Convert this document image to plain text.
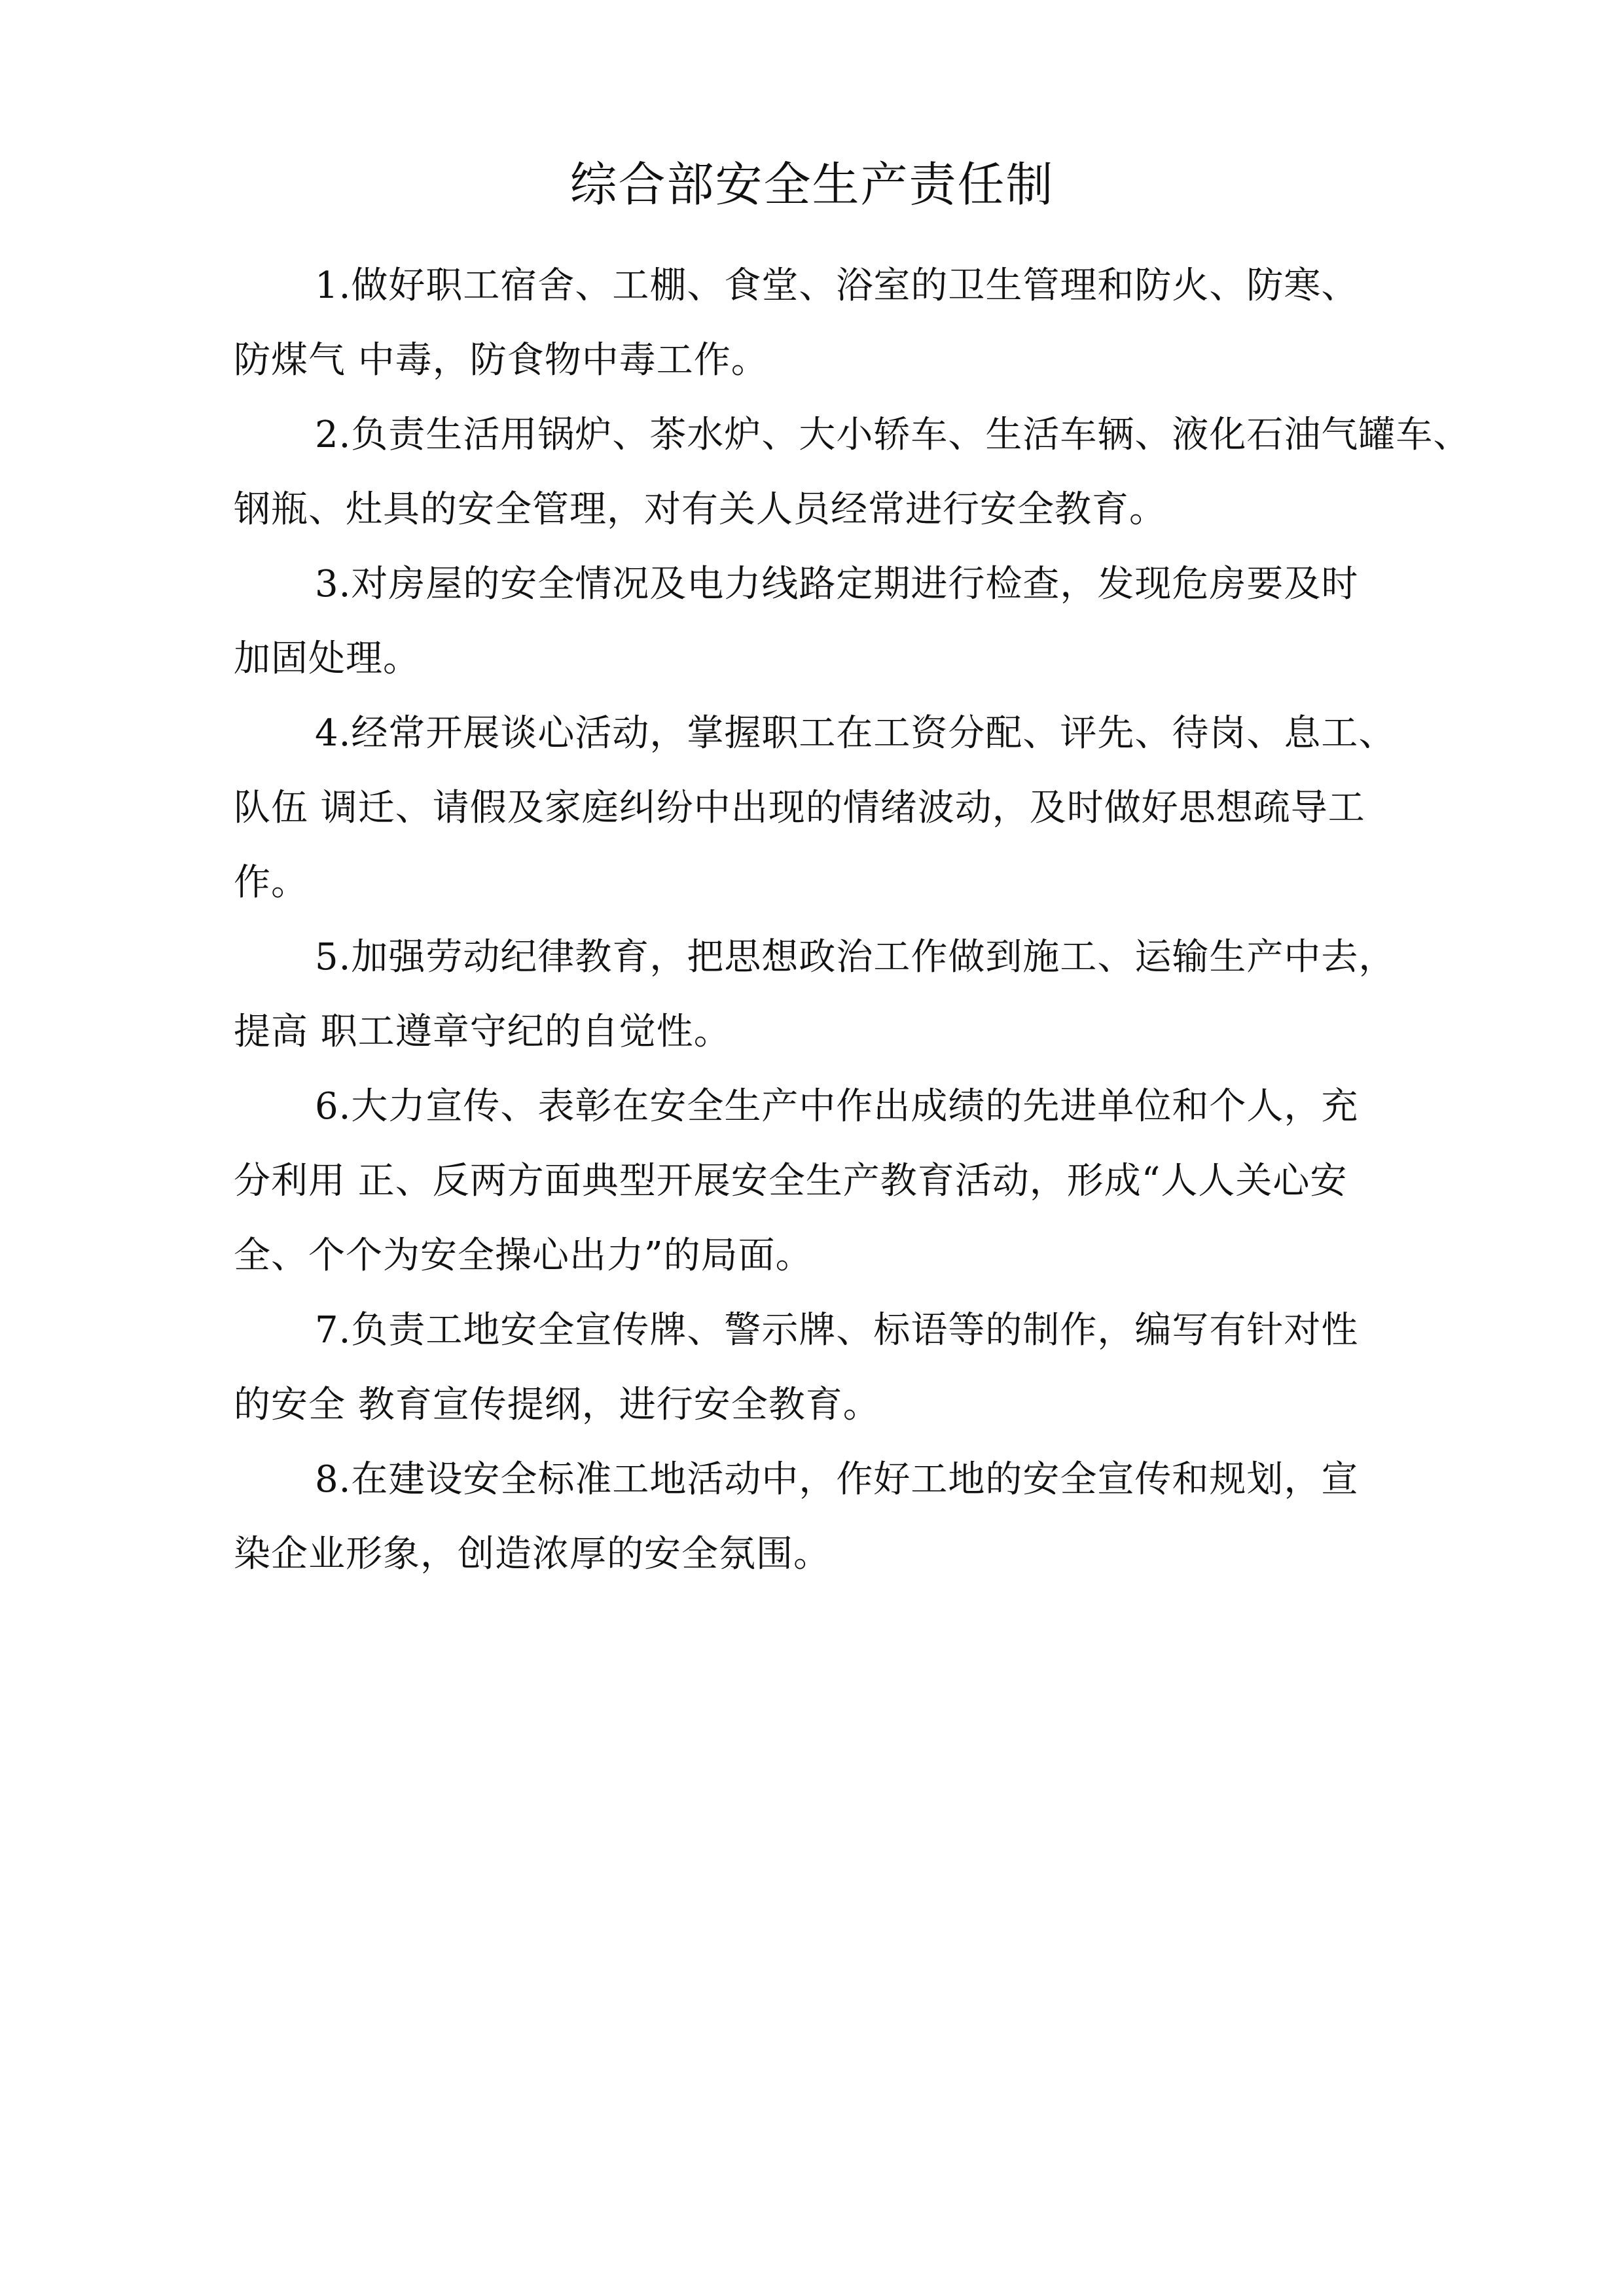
综合部安全生产责任制
1.做好职工宿舍、工棚、食堂、浴室的卫生管理和防火、防寒、
防煤气 中毒，防食物中毒工作。
2.负责生活用锅炉、茶水炉、大小轿车、生活车辆、液化石油气罐车、
钢瓶、灶具的安全管理，对有关人员经常进行安全教育。
3.对房屋的安全情况及电力线路定期进行检查，发现危房要及时
加固处理。
4.经常开展谈心活动，掌握职工在工资分配、评先、待岗、息工、
队伍 调迁、请假及家庭纠纷中出现的情绪波动，及时做好思想疏导工
作。
5.加强劳动纪律教育，把思想政治工作做到施工、运输生产中去，
提高 职工遵章守纪的自觉性。
6.大力宣传、表彰在安全生产中作出成绩的先进单位和个人，充
分利用 正、反两方面典型开展安全生产教育活动，形成“人人关心安
全、个个为安全操心出力”的局面。
7.负责工地安全宣传牌、警示牌、标语等的制作，编写有针对性
的安全 教育宣传提纲，进行安全教育。
8.在建设安全标准工地活动中，作好工地的安全宣传和规划，宣
染企业形象，创造浓厚的安全氛围。
